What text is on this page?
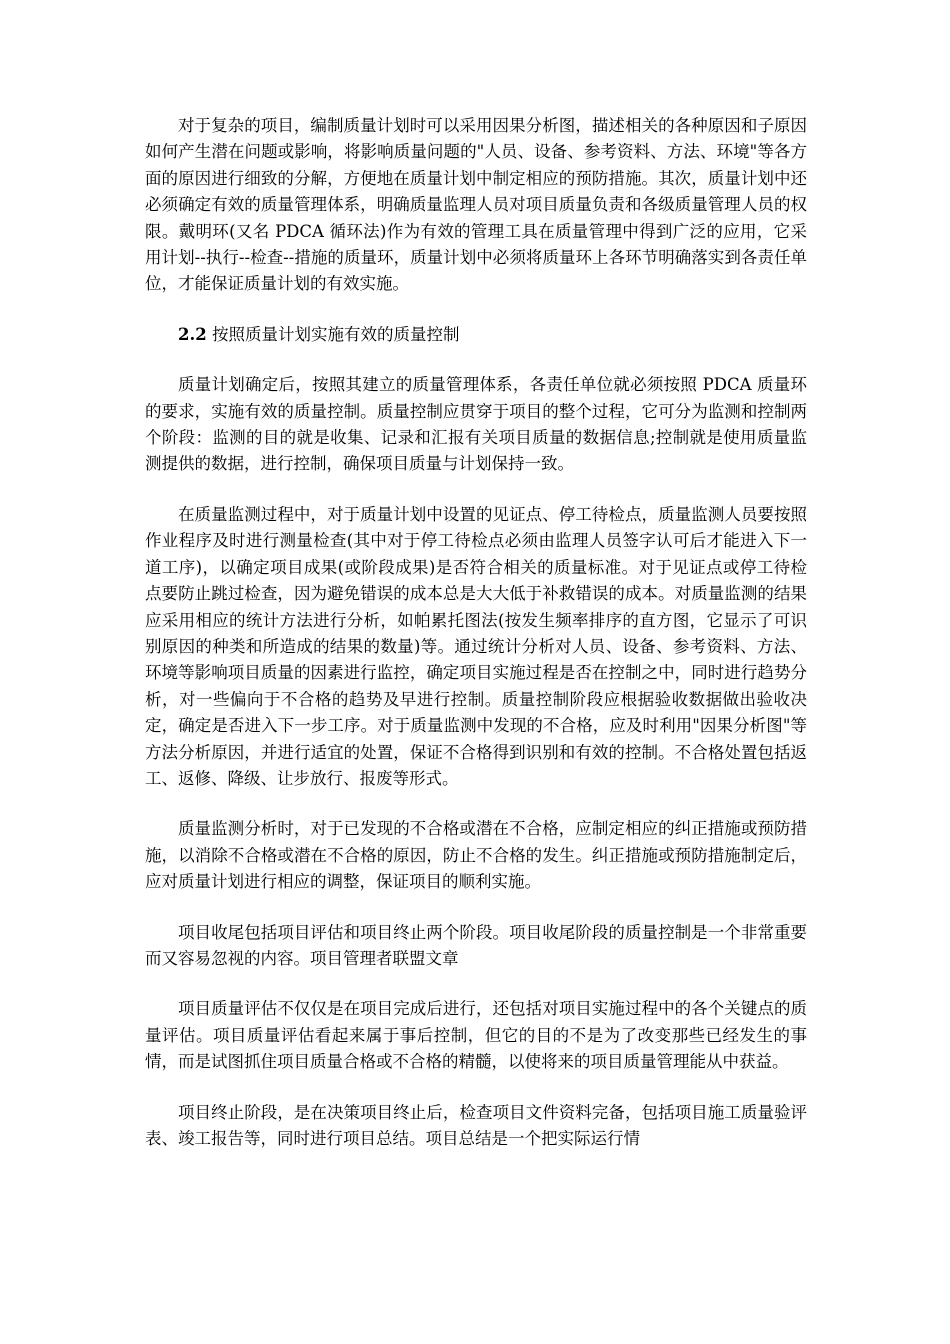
对于复杂的项目，编制质量计划时可以采用因果分析图，描述相关的各种原因和子原因如何产生潜在问题或影响，将影响质量问题的"人员、设备、参考资料、方法、环境"等各方面的原因进行细致的分解，方便地在质量计划中制定相应的预防措施。其次，质量计划中还必须确定有效的质量管理体系，明确质量监理人员对项目质量负责和各级质量管理人员的权限。戴明环(又名 PDCA 循环法)作为有效的管理工具在质量管理中得到广泛的应用，它采用计划--执行--检查--措施的质量环，质量计划中必须将质量环上各环节明确落实到各责任单位，才能保证质量计划的有效实施。

2.2 按照质量计划实施有效的质量控制

质量计划确定后，按照其建立的质量管理体系，各责任单位就必须按照 PDCA 质量环的要求，实施有效的质量控制。质量控制应贯穿于项目的整个过程，它可分为监测和控制两个阶段：监测的目的就是收集、记录和汇报有关项目质量的数据信息;控制就是使用质量监测提供的数据，进行控制，确保项目质量与计划保持一致。

在质量监测过程中，对于质量计划中设置的见证点、停工待检点，质量监测人员要按照作业程序及时进行测量检查(其中对于停工待检点必须由监理人员签字认可后才能进入下一道工序)，以确定项目成果(或阶段成果)是否符合相关的质量标准。对于见证点或停工待检点要防止跳过检查，因为避免错误的成本总是大大低于补救错误的成本。对质量监测的结果应采用相应的统计方法进行分析，如帕累托图法(按发生频率排序的直方图，它显示了可识别原因的种类和所造成的结果的数量)等。通过统计分析对人员、设备、参考资料、方法、环境等影响项目质量的因素进行监控，确定项目实施过程是否在控制之中，同时进行趋势分析，对一些偏向于不合格的趋势及早进行控制。质量控制阶段应根据验收数据做出验收决定，确定是否进入下一步工序。对于质量监测中发现的不合格，应及时利用"因果分析图"等方法分析原因，并进行适宜的处置，保证不合格得到识别和有效的控制。不合格处置包括返工、返修、降级、让步放行、报废等形式。

质量监测分析时，对于已发现的不合格或潜在不合格，应制定相应的纠正措施或预防措施，以消除不合格或潜在不合格的原因，防止不合格的发生。纠正措施或预防措施制定后，应对质量计划进行相应的调整，保证项目的顺利实施。

项目收尾包括项目评估和项目终止两个阶段。项目收尾阶段的质量控制是一个非常重要而又容易忽视的内容。项目管理者联盟文章

项目质量评估不仅仅是在项目完成后进行，还包括对项目实施过程中的各个关键点的质量评估。项目质量评估看起来属于事后控制，但它的目的不是为了改变那些已经发生的事情，而是试图抓住项目质量合格或不合格的精髓，以使将来的项目质量管理能从中获益。

项目终止阶段，是在决策项目终止后，检查项目文件资料完备，包括项目施工质量验评表、竣工报告等，同时进行项目总结。项目总结是一个把实际运行情
